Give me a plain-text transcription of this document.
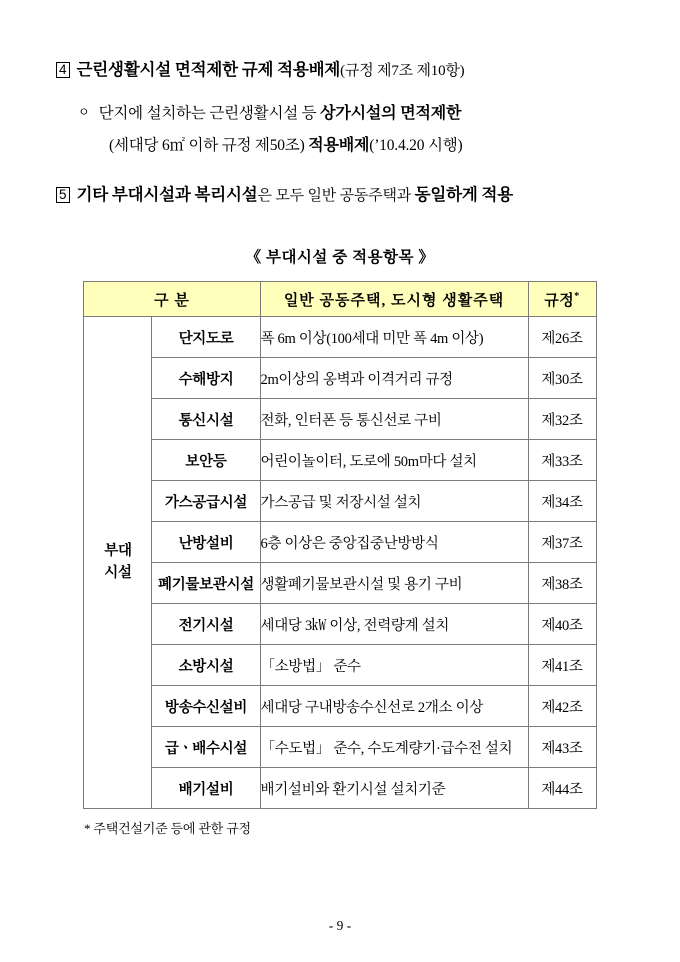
4 근린생활시설 면적제한 규제 적용배제(규정 제7조 제10항)
ㅇ 단지에 설치하는 근린생활시설 등 상가시설의 면적제한
(세대당 6㎡ 이하 규정 제50조) 적용배제(’10.4.20 시행)
5 기타 부대시설과 복리시설은 모두 일반 공동주택과 동일하게 적용
《 부대시설 중 적용항목 》
구 분		일반 공동주택, 도시형 생활주택	규정*
부대
시설	단지도로	폭 6m 이상(100세대 미만 폭 4m 이상)	제26조
	수해방지	2m이상의 옹벽과 이격거리 규정	제30조
	통신시설	전화, 인터폰 등 통신선로 구비	제32조
	보안등	어린이놀이터, 도로에 50m마다 설치	제33조
	가스공급시설	가스공급 및 저장시설 설치	제34조
	난방설비	6층 이상은 중앙집중난방방식	제37조
	폐기물보관시설	생활폐기물보관시설 및 용기 구비	제38조
	전기시설	세대당 3㎾ 이상, 전력량계 설치	제40조
	소방시설	「소방법」 준수	제41조
	방송수신설비	세대당 구내방송수신선로 2개소 이상	제42조
	급ㆍ배수시설	「수도법」 준수, 수도계량기·급수전 설치	제43조
	배기설비	배기설비와 환기시설 설치기준	제44조
* 주택건설기준 등에 관한 규정
- 9 -
